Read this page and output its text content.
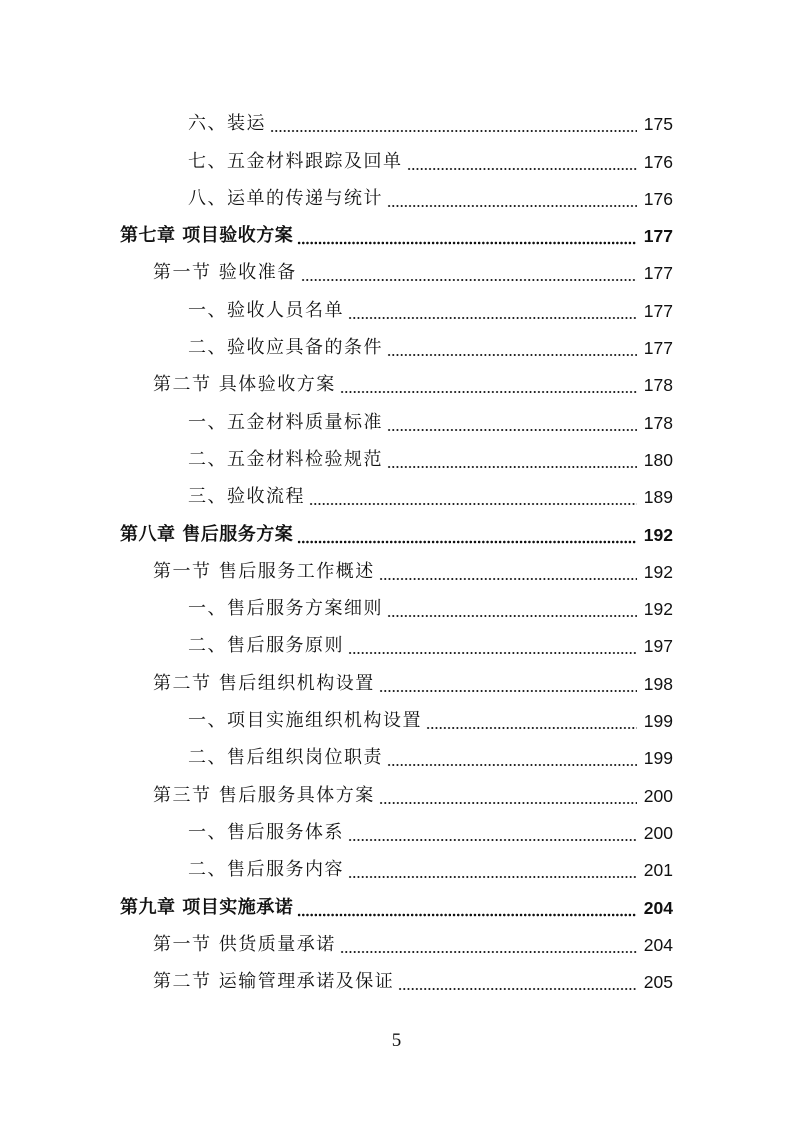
六、装运	175
七、五金材料跟踪及回单	176
八、运单的传递与统计	176
第七章 项目验收方案	177
第一节 验收准备	177
一、验收人员名单	177
二、验收应具备的条件	177
第二节 具体验收方案	178
一、五金材料质量标准	178
二、五金材料检验规范	180
三、验收流程	189
第八章 售后服务方案	192
第一节 售后服务工作概述	192
一、售后服务方案细则	192
二、售后服务原则	197
第二节 售后组织机构设置	198
一、项目实施组织机构设置	199
二、售后组织岗位职责	199
第三节 售后服务具体方案	200
一、售后服务体系	200
二、售后服务内容	201
第九章 项目实施承诺	204
第一节 供货质量承诺	204
第二节 运输管理承诺及保证	205
5
